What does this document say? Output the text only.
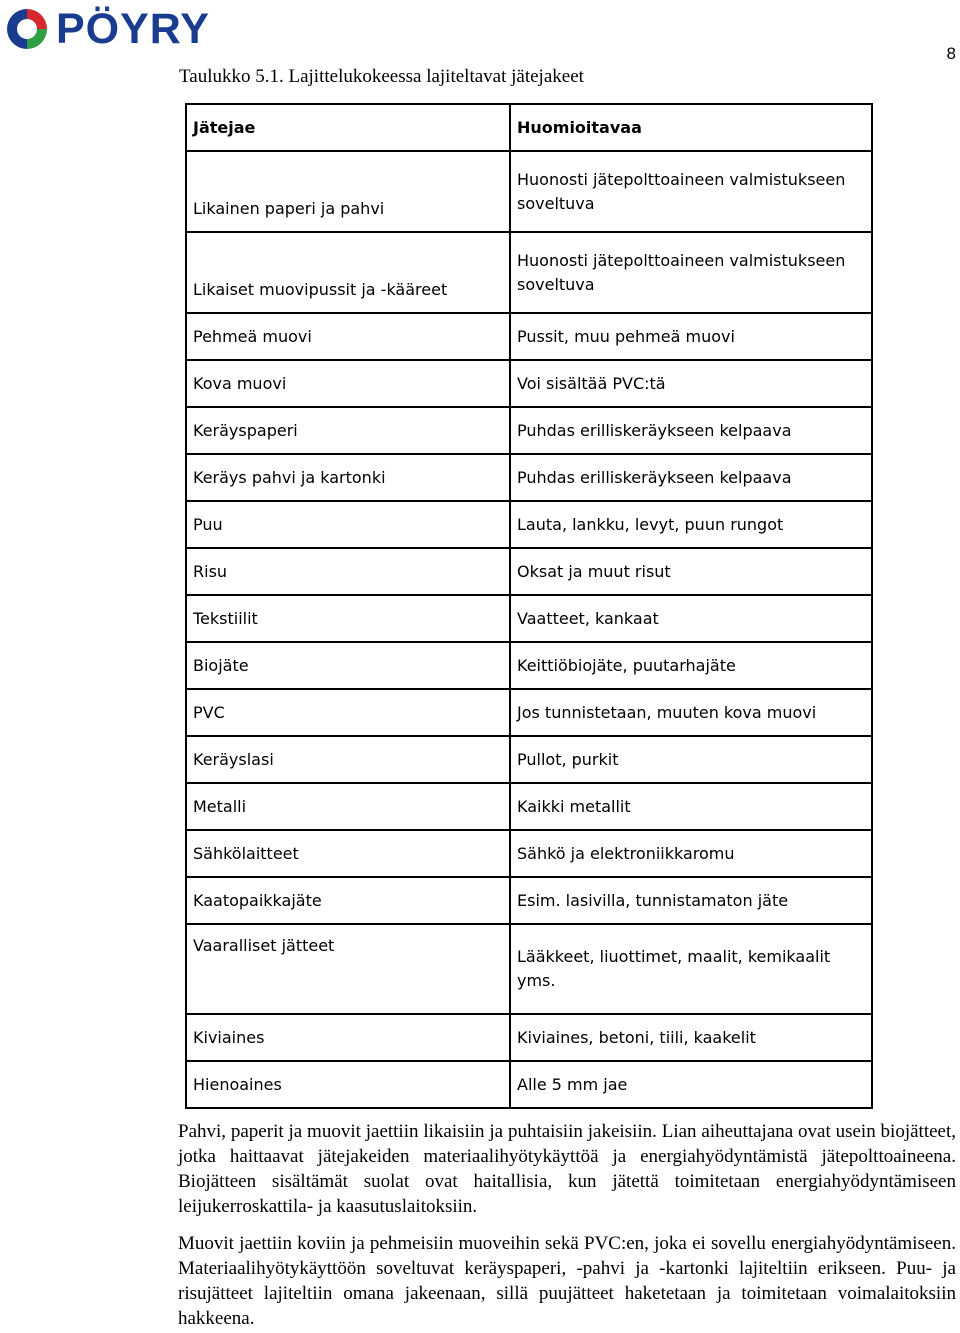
PÖYRY
8
Taulukko 5.1. Lajittelukokeessa lajiteltavat jätejakeet
Jätejae	Huomioitavaa
Likainen paperi ja pahvi	Huonosti jätepolttoaineen valmistukseen soveltuva
Likaiset muovipussit ja -kääreet	Huonosti jätepolttoaineen valmistukseen soveltuva
Pehmeä muovi	Pussit, muu pehmeä muovi
Kova muovi	Voi sisältää PVC:tä
Keräyspaperi	Puhdas erilliskeräykseen kelpaava
Keräys pahvi ja kartonki	Puhdas erilliskeräykseen kelpaava
Puu	Lauta, lankku, levyt, puun rungot
Risu	Oksat ja muut risut
Tekstiilit	Vaatteet, kankaat
Biojäte	Keittiöbiojäte, puutarhajäte
PVC	Jos tunnistetaan, muuten kova muovi
Keräyslasi	Pullot, purkit
Metalli	Kaikki metallit
Sähkölaitteet	Sähkö ja elektroniikkaromu
Kaatopaikkajäte	Esim. lasivilla, tunnistamaton jäte
Vaaralliset jätteet	Lääkkeet, liuottimet, maalit, kemikaalit yms.
Kiviaines	Kiviaines, betoni, tiili, kaakelit
Hienoaines	Alle 5 mm jae

Pahvi, paperit ja muovit jaettiin likaisiin ja puhtaisiin jakeisiin. Lian aiheuttajana ovat usein biojätteet, jotka haittaavat jätejakeiden materiaalihyötykäyttöä ja energiahyödyntämistä jätepolttoaineena. Biojätteen sisältämät suolat ovat haitallisia, kun jätettä toimitetaan energiahyödyntämiseen leijukerroskattila- ja kaasutuslaitoksiin.

Muovit jaettiin koviin ja pehmeisiin muoveihin sekä PVC:en, joka ei sovellu energiahyödyntämiseen. Materiaalihyötykäyttöön soveltuvat keräyspaperi, -pahvi ja -kartonki lajiteltiin erikseen. Puu- ja risujätteet lajiteltiin omana jakeenaan, sillä puujätteet haketetaan ja toimitetaan voimalaitoksiin hakkeena.
